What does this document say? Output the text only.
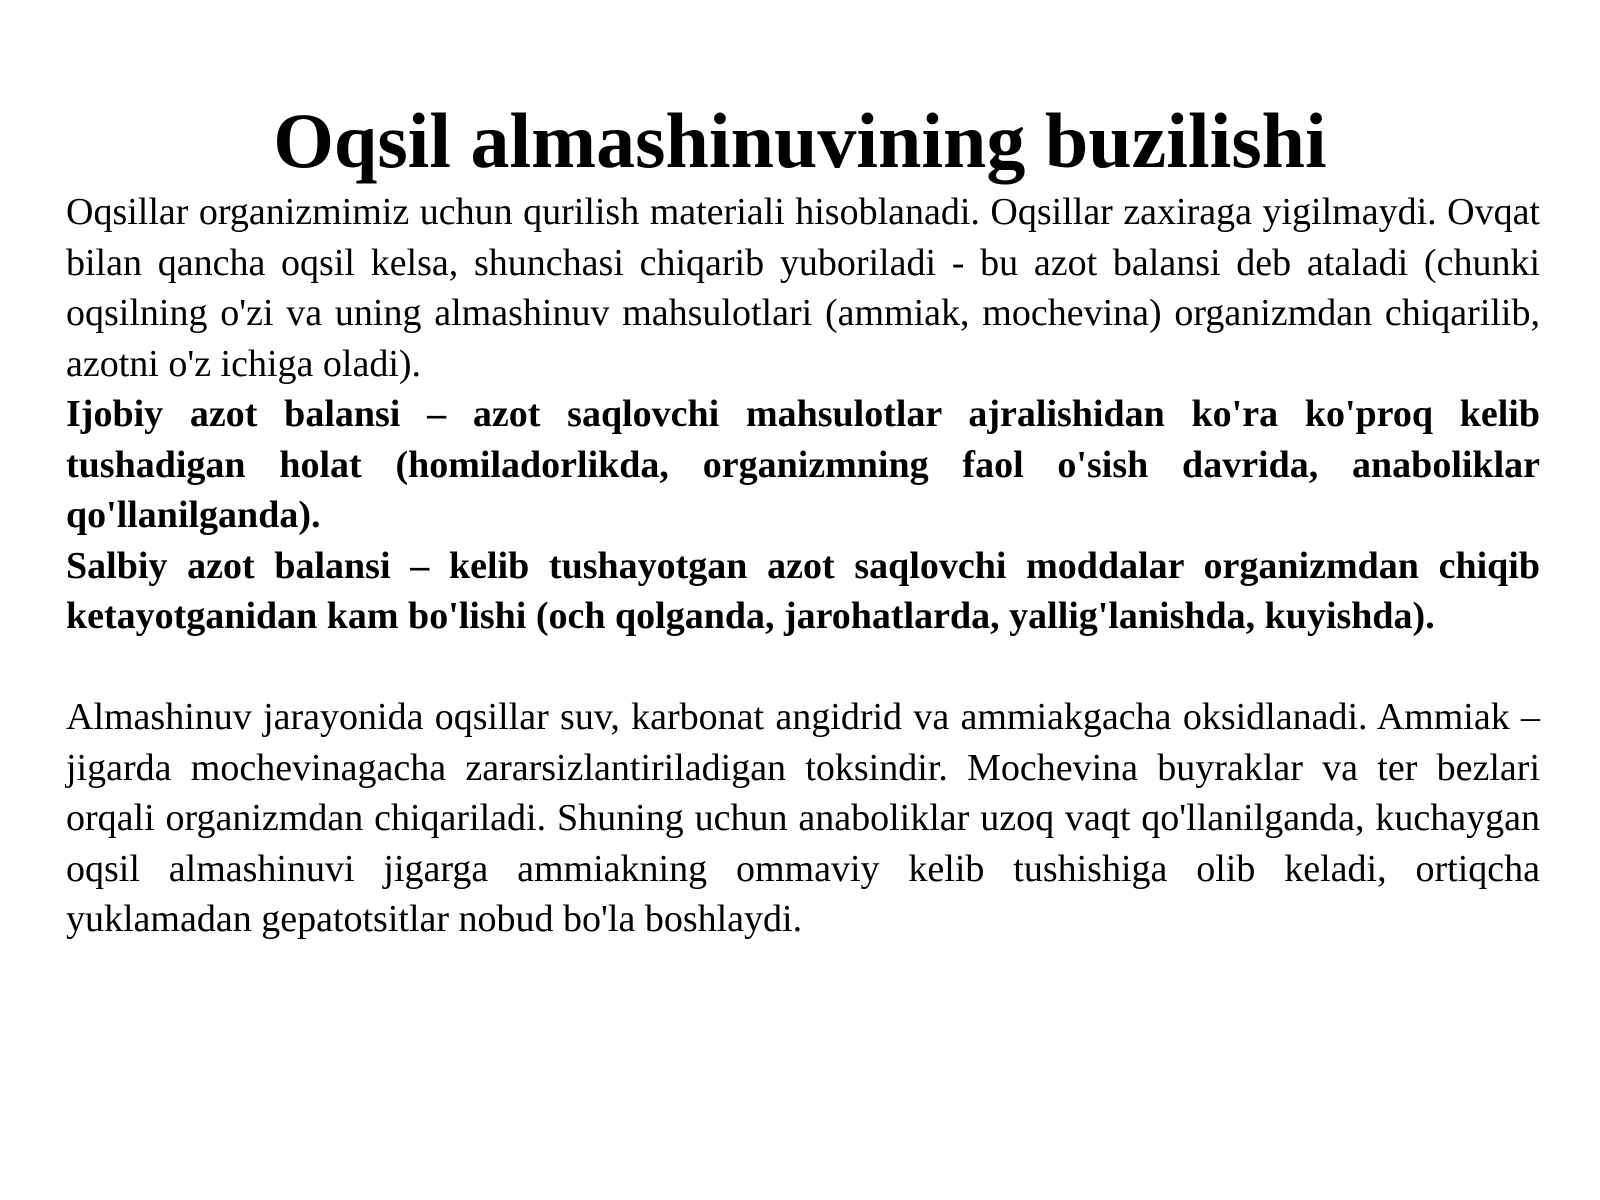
Oqsil almashinuvining buzilishi

Oqsillar organizmimiz uchun qurilish materiali hisoblanadi. Oqsillar zaxiraga yigilmaydi. Ovqat bilan qancha oqsil kelsa, shunchasi chiqarib yuboriladi - bu azot balansi deb ataladi (chunki oqsilning o'zi va uning almashinuv mahsulotlari (ammiak, mochevina) organizmdan chiqarilib, azotni o'z ichiga oladi).

Ijobiy azot balansi – azot saqlovchi mahsulotlar ajralishidan ko'ra ko'proq kelib tushadigan holat (homiladorlikda, organizmning faol o'sish davrida, anaboliklar qo'llanilganda).

Salbiy azot balansi – kelib tushayotgan azot saqlovchi moddalar organizmdan chiqib ketayotganidan kam bo'lishi (och qolganda, jarohatlarda, yallig'lanishda, kuyishda).

Almashinuv jarayonida oqsillar suv, karbonat angidrid va ammiakgacha oksidlanadi. Ammiak – jigarda mochevinagacha zararsizlantiriladigan toksindir. Mochevina buyraklar va ter bezlari orqali organizmdan chiqariladi. Shuning uchun anaboliklar uzoq vaqt qo'llanilganda, kuchaygan oqsil almashinuvi jigarga ammiakning ommaviy kelib tushishiga olib keladi, ortiqcha yuklamadan gepatotsitlar nobud bo'la boshlaydi.
